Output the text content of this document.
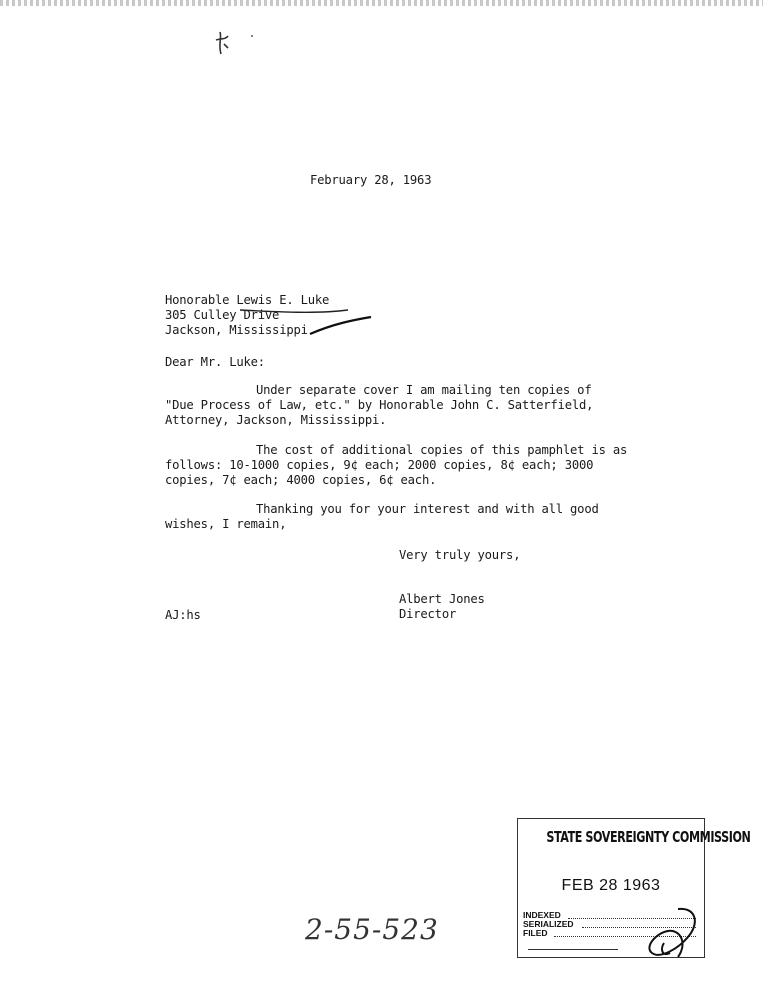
February 28, 1963
Honorable Lewis E. Luke
305 Culley Drive
Jackson, Mississippi
Dear Mr. Luke:
Under separate cover I am mailing ten copies of "Due Process of Law, etc." by Honorable John C. Satterfield, Attorney, Jackson, Mississippi.
The cost of additional copies of this pamphlet is as follows: 10-1000 copies, 9¢ each; 2000 copies, 8¢ each; 3000 copies, 7¢ each; 4000 copies, 6¢ each.
Thanking you for your interest and with all good wishes, I remain,
Very truly yours,
Albert Jones
Director
AJ:hs
STATE SOVEREIGNTY COMMISSION
FEB 28 1963
INDEXED
SERIALIZED
FILED
2-55-523
